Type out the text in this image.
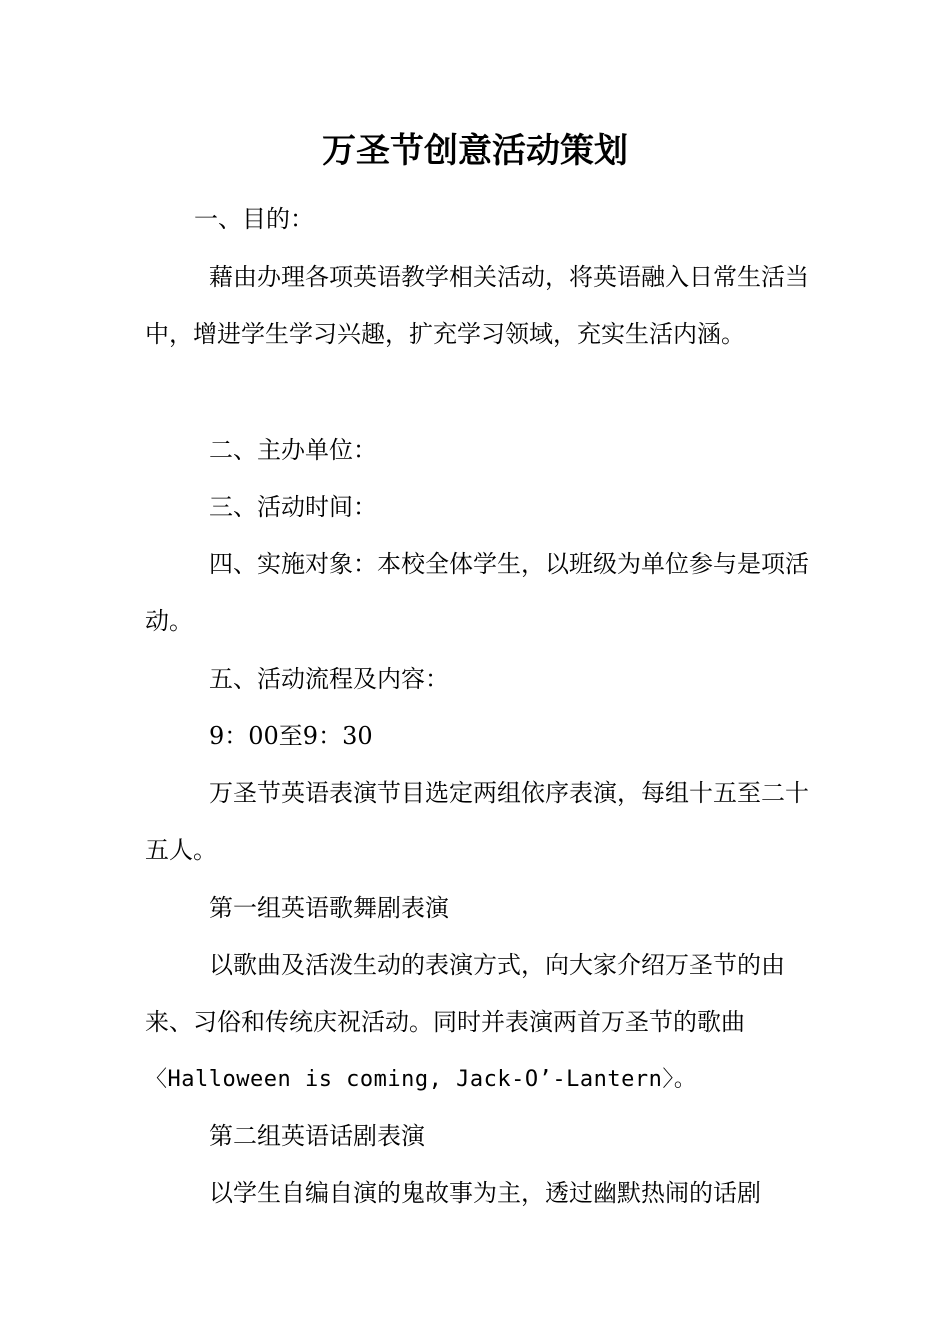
万圣节创意活动策划

一、目的：

藉由办理各项英语教学相关活动，将英语融入日常生活当中，增进学生学习兴趣，扩充学习领域，充实生活内涵。

二、主办单位：

三、活动时间：

四、实施对象：本校全体学生，以班级为单位参与是项活动。

五、活动流程及内容：

9：00至9：30

万圣节英语表演节目选定两组依序表演，每组十五至二十五人。

第一组英语歌舞剧表演

以歌曲及活泼生动的表演方式，向大家介绍万圣节的由来、习俗和传统庆祝活动。同时并表演两首万圣节的歌曲

〈Halloween is coming, Jack-O’-Lantern〉。

第二组英语话剧表演

以学生自编自演的鬼故事为主，透过幽默热闹的话剧
